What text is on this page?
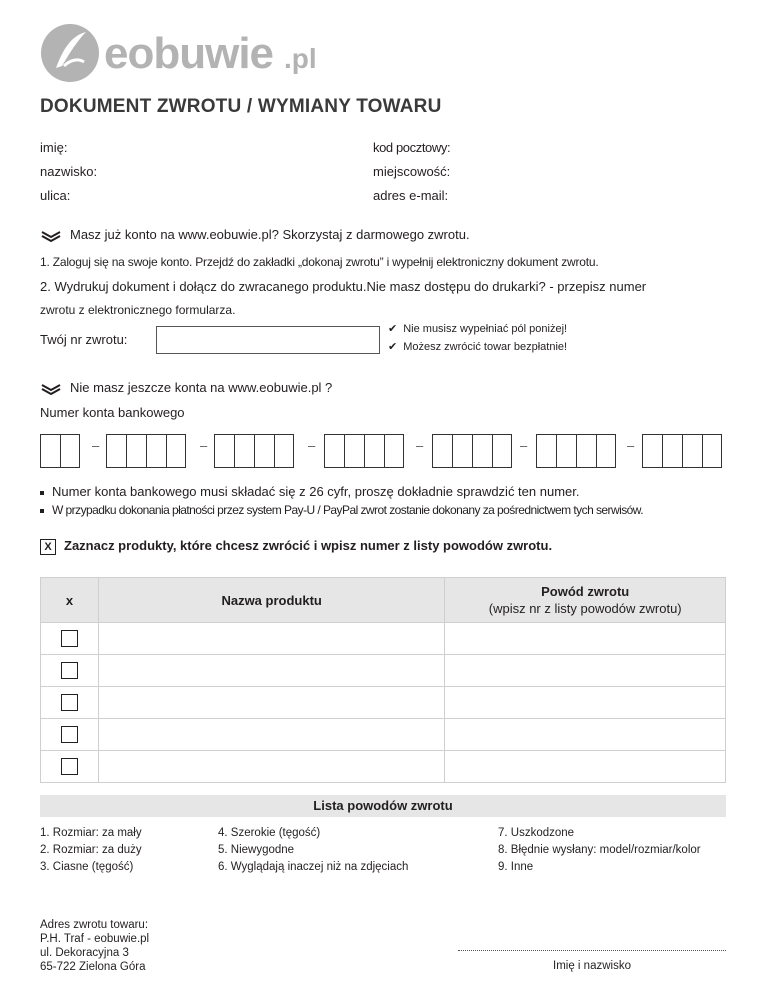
eobuwie .pl
DOKUMENT ZWROTU / WYMIANY TOWARU
imię:
nazwisko:
ulica:
kod pocztowy:
miejscowość:
adres e-mail:
Masz już konto na www.eobuwie.pl? Skorzystaj z darmowego zwrotu.
1. Zaloguj się na swoje konto. Przejdź do zakładki „dokonaj zwrotu” i wypełnij elektroniczny dokument zwrotu.
2. Wydrukuj dokument i dołącz do zwracanego produktu.Nie masz dostępu do drukarki? - przepisz numer
zwrotu z elektronicznego formularza.
Twój nr zwrotu:
✔ Nie musisz wypełniać pól poniżej!
✔ Możesz zwrócić towar bezpłatnie!
Nie masz jeszcze konta na www.eobuwie.pl ?
Numer konta bankowego
–	–	–	–	–	–
Numer konta bankowego musi składać się z 26 cyfr, proszę dokładnie sprawdzić ten numer.
W przypadku dokonania płatności przez system Pay-U / PayPal zwrot zostanie dokonany za pośrednictwem tych serwisów.
X Zaznacz produkty, które chcesz zwrócić i wpisz numer z listy powodów zwrotu.
x	Nazwa produktu	Powód zwrotu
(wpisz nr z listy powodów zwrotu)

Lista powodów zwrotu
1. Rozmiar: za mały
2. Rozmiar: za duży
3. Ciasne (tęgość)
4. Szerokie (tęgość)
5. Niewygodne
6. Wyglądają inaczej niż na zdjęciach
7. Uszkodzone
8. Błędnie wysłany: model/rozmiar/kolor
9. Inne
Adres zwrotu towaru:
P.H. Traf - eobuwie.pl
ul. Dekoracyjna 3
65-722 Zielona Góra	Imię i nazwisko
